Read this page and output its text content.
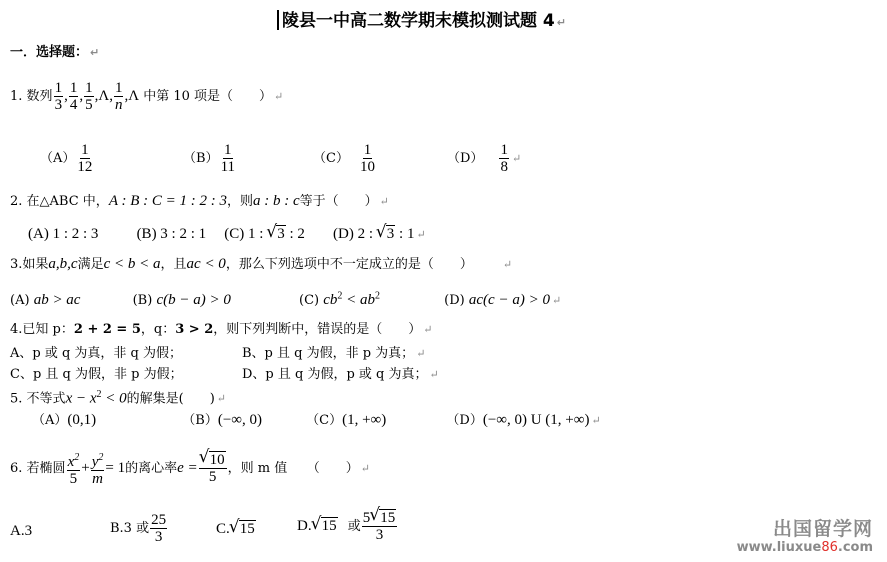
陵县一中高二数学期末模拟测试题 4 ↵
一．选择题： ↵
1. 数列 $\frac{1}{3}$ , $\frac{1}{4}$ , $\frac{1}{5} ,\Lambda$, $\frac{1}{n} ,\Lambda$ 中第 10 项是（　　） ↵
$(A) \frac{1}{12}$	$(B) \frac{1}{11}$	$(C) \frac{1}{10}$	$(D) \frac{1}{8}$ ↵
2. 在△ABC 中，A : B : C = 1 : 2 : 3，则a : b : c等于（　　） ↵
(A) 1 : 2 : 3	(B) 3 : 2 : 1 (C) 1 : √ 3 : 2 (D) 2 : √ 3 : 1 ↵
3.如果a,b,c满足c < b < a，且ac < 0，那么下列选项中不一定成立的是（　　）	↵
(A) ab > ac	(B) c(b − a) > 0	(C) $cb^2 < ab^2$	(D) ac(c − a) > 0 ↵
4.已知 p：2 + 2 = 5，q：3 > 2，则下列判断中，错误的是（　　） ↵
A、p 或 q 为真，非 q 为假；	B、p 且 q 为假，非 p 为真； ↵
C、p 且 q 为假，非 p 为假；	D、p 且 q 为假，p 或 q 为真； ↵
5. 不等式$x - x^2 < 0$的解集是(　　) ↵
（A）(0,1)	（B）(−∞, 0)	（C）(1, +∞)	（D）(−∞, 0) U (1, +∞) ↵
6. 若椭圆 $\frac{x^2}{5} + \frac{y^2}{m} = 1$的离心率e = √ $\frac{10}{5}$ ，则 m 值　　（　　） ↵
A.3	B.3 或 $\frac{25}{3}$	C. √ 15	D. √ 15 或 $\frac{5 √ 15}{3}$	出国留学网
www.liuxue86.com
